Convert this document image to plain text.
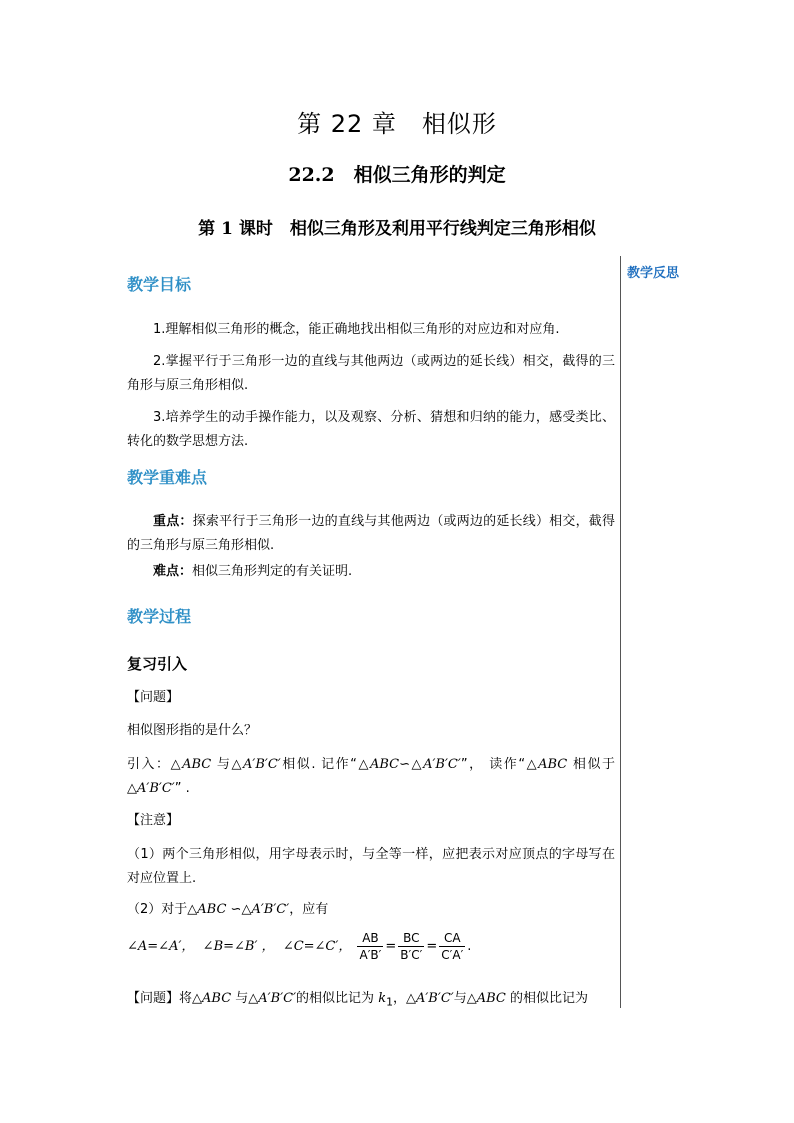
第 22 章　相似形
22.2　相似三角形的判定
第 1 课时　相似三角形及利用平行线判定三角形相似
教学反思
教学目标
1.理解相似三角形的概念，能正确地找出相似三角形的对应边和对应角.
2.掌握平行于三角形一边的直线与其他两边（或两边的延长线）相交，截得的三角形与原三角形相似.
3.培养学生的动手操作能力，以及观察、分析、猜想和归纳的能力，感受类比、转化的数学思想方法.
教学重难点
重点：探索平行于三角形一边的直线与其他两边（或两边的延长线）相交，截得的三角形与原三角形相似.
难点：相似三角形判定的有关证明.
教学过程
复习引入
【问题】
相似图形指的是什么？
引入：△ABC 与△A′B′C′相似. 记作“△ABC∽△A′B′C′”， 读作“△ABC 相似于△A′B′C′” .
【注意】
（1）两个三角形相似，用字母表示时，与全等一样，应把表示对应顶点的字母写在对应位置上.
（2）对于△ABC ∽△A′B′C′，应有
∠A=∠A′， ∠B=∠B′ ， ∠C=∠C′， $\frac{AB}{A'B'} = \frac{BC}{B'C'} = \frac{CA}{C'A'}$ .
【问题】将△ABC 与△A′B′C′的相似比记为 $k_1$，△A′B′C′与△ABC 的相似比记为
